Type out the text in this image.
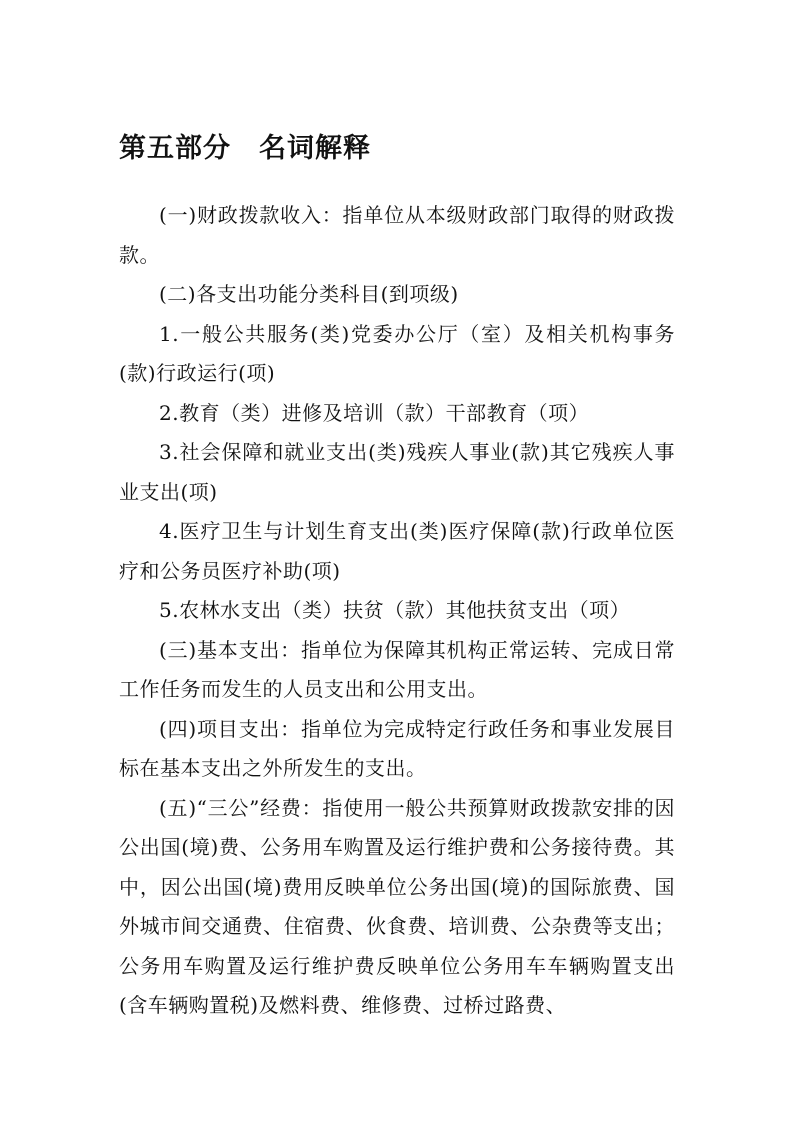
第五部分　名词解释

(一)财政拨款收入：指单位从本级财政部门取得的财政拨款。

(二)各支出功能分类科目(到项级)

1.一般公共服务(类)党委办公厅（室）及相关机构事务(款)行政运行(项)

2.教育（类）进修及培训（款）干部教育（项）

3.社会保障和就业支出(类)残疾人事业(款)其它残疾人事业支出(项)

4.医疗卫生与计划生育支出(类)医疗保障(款)行政单位医疗和公务员医疗补助(项)

5.农林水支出（类）扶贫（款）其他扶贫支出（项）

(三)基本支出：指单位为保障其机构正常运转、完成日常工作任务而发生的人员支出和公用支出。

(四)项目支出：指单位为完成特定行政任务和事业发展目标在基本支出之外所发生的支出。

(五)“三公”经费：指使用一般公共预算财政拨款安排的因公出国(境)费、公务用车购置及运行维护费和公务接待费。其中，因公出国(境)费用反映单位公务出国(境)的国际旅费、国外城市间交通费、住宿费、伙食费、培训费、公杂费等支出；公务用车购置及运行维护费反映单位公务用车车辆购置支出(含车辆购置税)及燃料费、维修费、过桥过路费、
